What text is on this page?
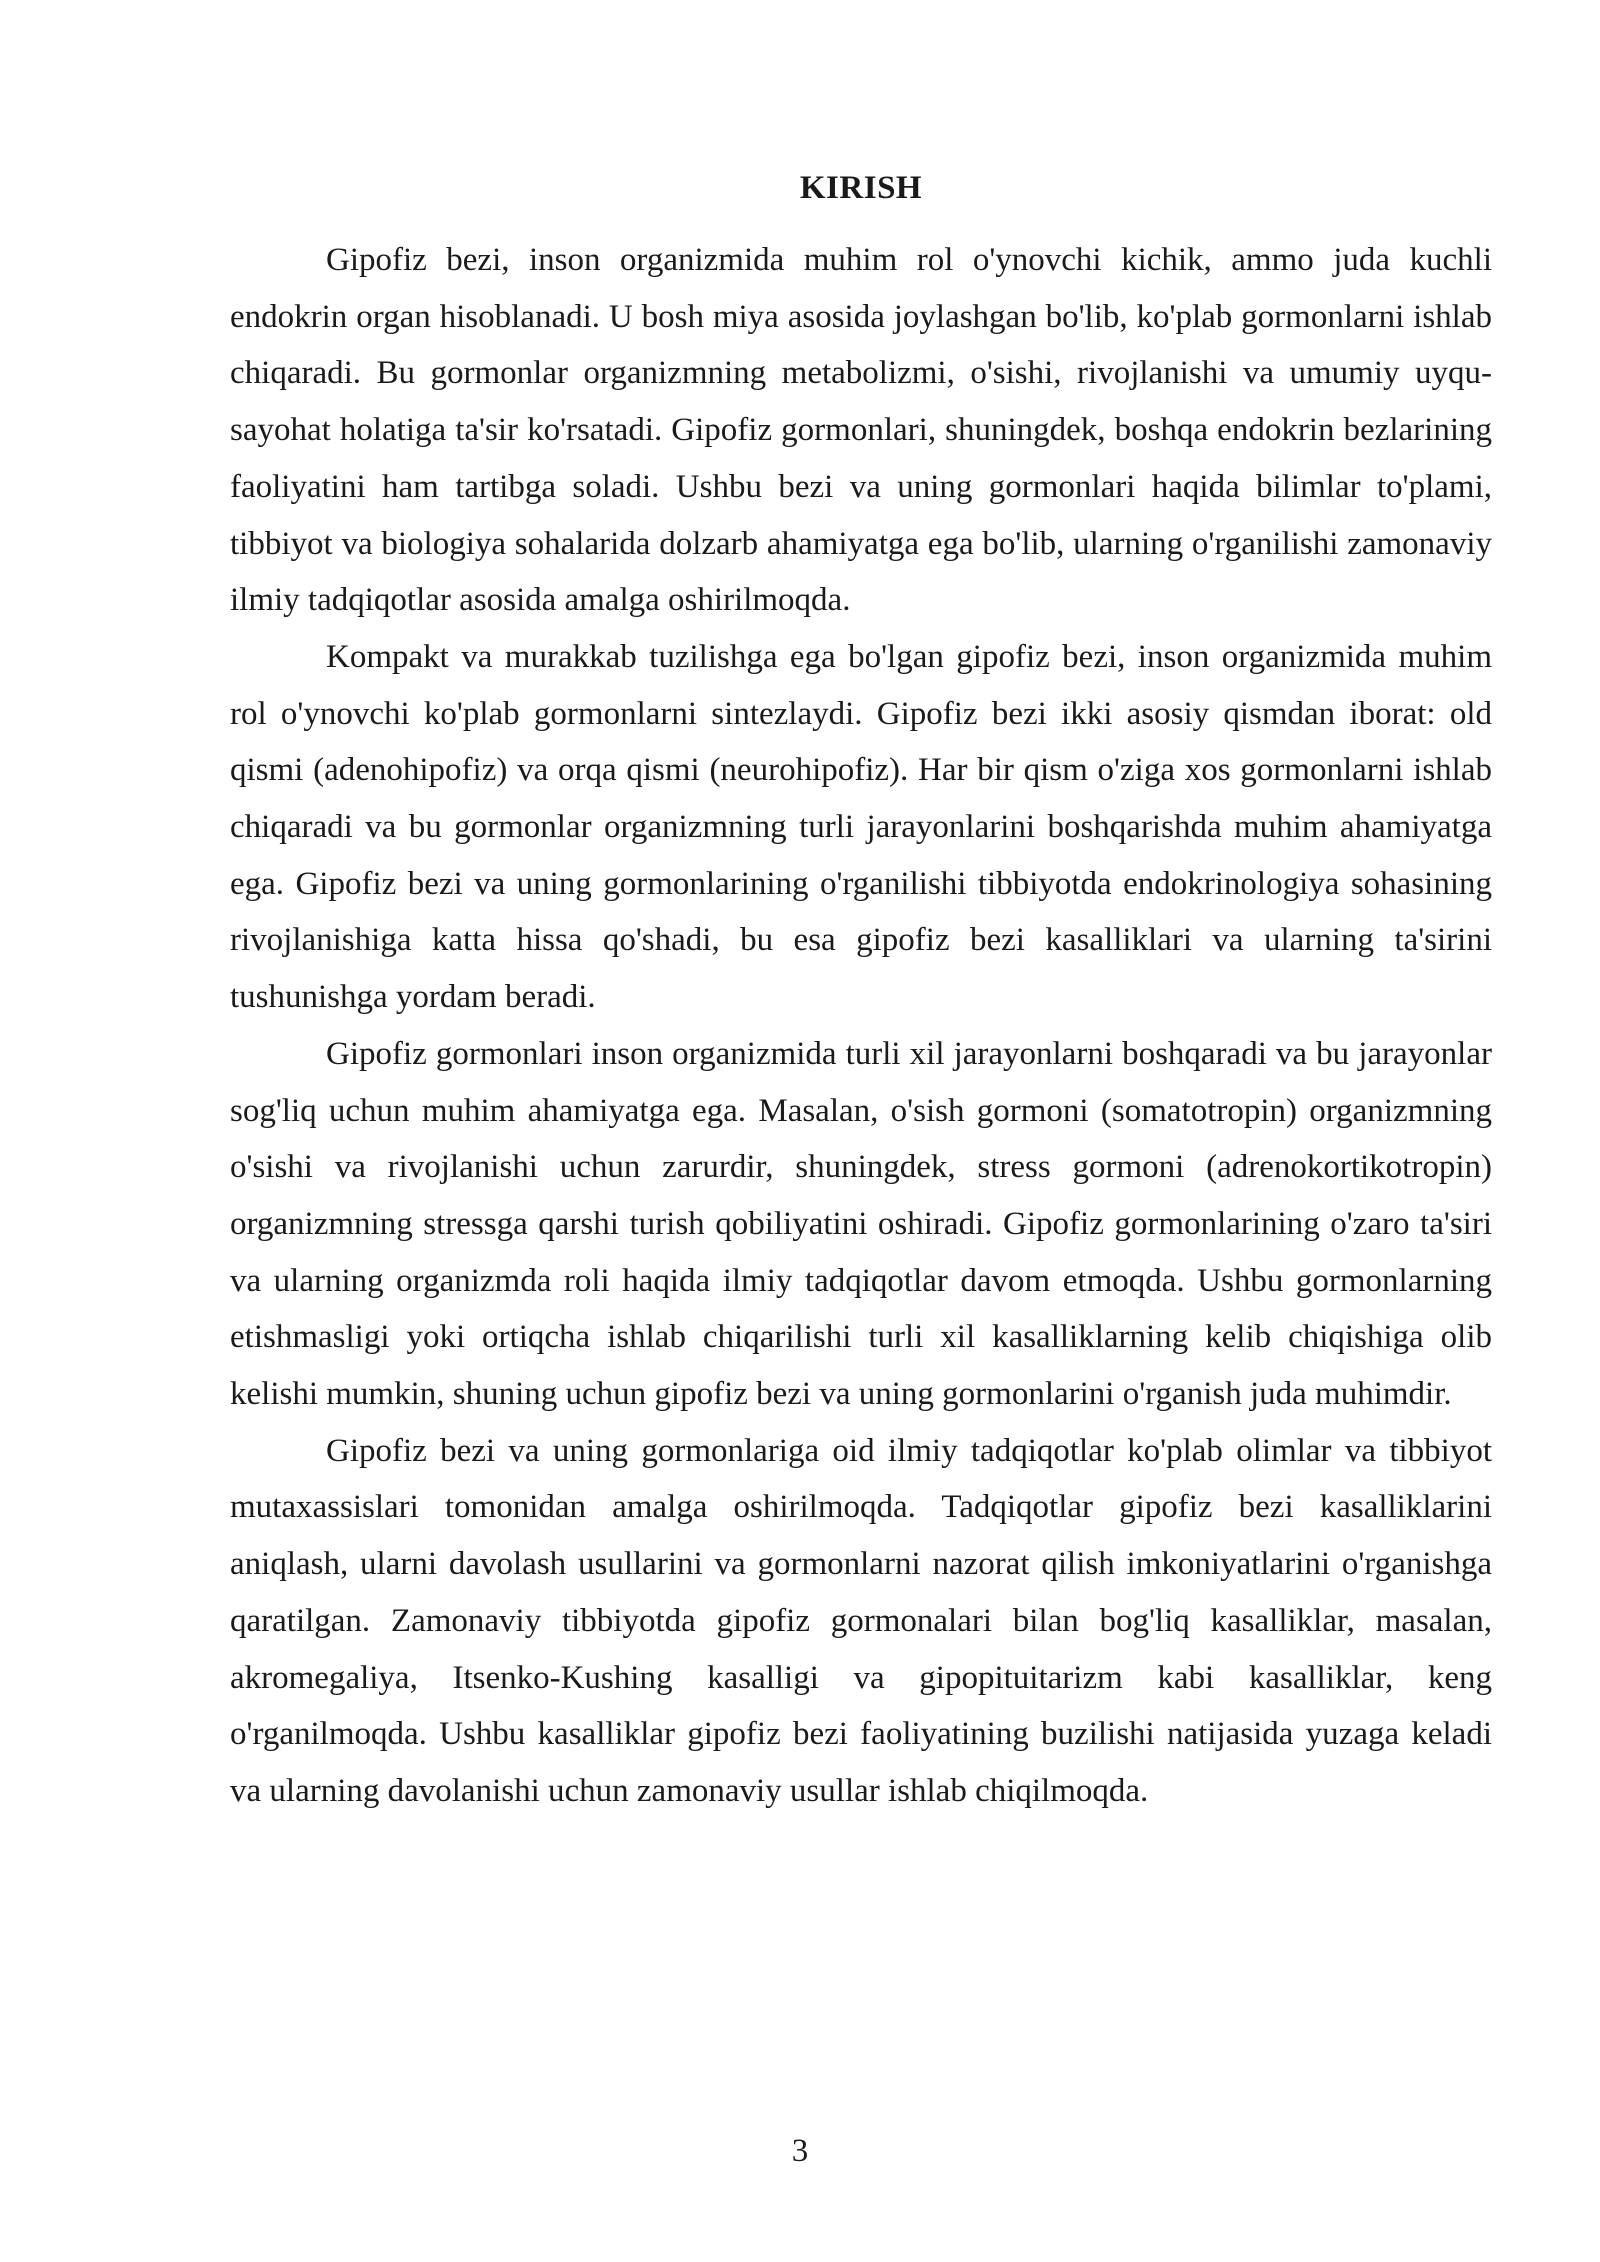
KIRISH

Gipofiz bezi, inson organizmida muhim rol o'ynovchi kichik, ammo juda kuchli endokrin organ hisoblanadi. U bosh miya asosida joylashgan bo'lib, ko'plab gormonlarni ishlab chiqaradi. Bu gormonlar organizmning metabolizmi, o'sishi, rivojlanishi va umumiy uyqu-sayohat holatiga ta'sir ko'rsatadi. Gipofiz gormonlari, shuningdek, boshqa endokrin bezlarining faoliyatini ham tartibga soladi. Ushbu bezi va uning gormonlari haqida bilimlar to'plami, tibbiyot va biologiya sohalarida dolzarb ahamiyatga ega bo'lib, ularning o'rganilishi zamonaviy ilmiy tadqiqotlar asosida amalga oshirilmoqda.

Kompakt va murakkab tuzilishga ega bo'lgan gipofiz bezi, inson organizmida muhim rol o'ynovchi ko'plab gormonlarni sintezlaydi. Gipofiz bezi ikki asosiy qismdan iborat: old qismi (adenohipofiz) va orqa qismi (neurohipofiz). Har bir qism o'ziga xos gormonlarni ishlab chiqaradi va bu gormonlar organizmning turli jarayonlarini boshqarishda muhim ahamiyatga ega. Gipofiz bezi va uning gormonlarining o'rganilishi tibbiyotda endokrinologiya sohasining rivojlanishiga katta hissa qo'shadi, bu esa gipofiz bezi kasalliklari va ularning ta'sirini tushunishga yordam beradi.

Gipofiz gormonlari inson organizmida turli xil jarayonlarni boshqaradi va bu jarayonlar sog'liq uchun muhim ahamiyatga ega. Masalan, o'sish gormoni (somatotropin) organizmning o'sishi va rivojlanishi uchun zarurdir, shuningdek, stress gormoni (adrenokortikotropin) organizmning stressga qarshi turish qobiliyatini oshiradi. Gipofiz gormonlarining o'zaro ta'siri va ularning organizmda roli haqida ilmiy tadqiqotlar davom etmoqda. Ushbu gormonlarning etishmasligi yoki ortiqcha ishlab chiqarilishi turli xil kasalliklarning kelib chiqishiga olib kelishi mumkin, shuning uchun gipofiz bezi va uning gormonlarini o'rganish juda muhimdir.

Gipofiz bezi va uning gormonlariga oid ilmiy tadqiqotlar ko'plab olimlar va tibbiyot mutaxassislari tomonidan amalga oshirilmoqda. Tadqiqotlar gipofiz bezi kasalliklarini aniqlash, ularni davolash usullarini va gormonlarni nazorat qilish imkoniyatlarini o'rganishga qaratilgan. Zamonaviy tibbiyotda gipofiz gormonalari bilan bog'liq kasalliklar, masalan, akromegaliya, Itsenko-Kushing kasalligi va gipopituitarizm kabi kasalliklar, keng o'rganilmoqda. Ushbu kasalliklar gipofiz bezi faoliyatining buzilishi natijasida yuzaga keladi va ularning davolanishi uchun zamonaviy usullar ishlab chiqilmoqda.

3
